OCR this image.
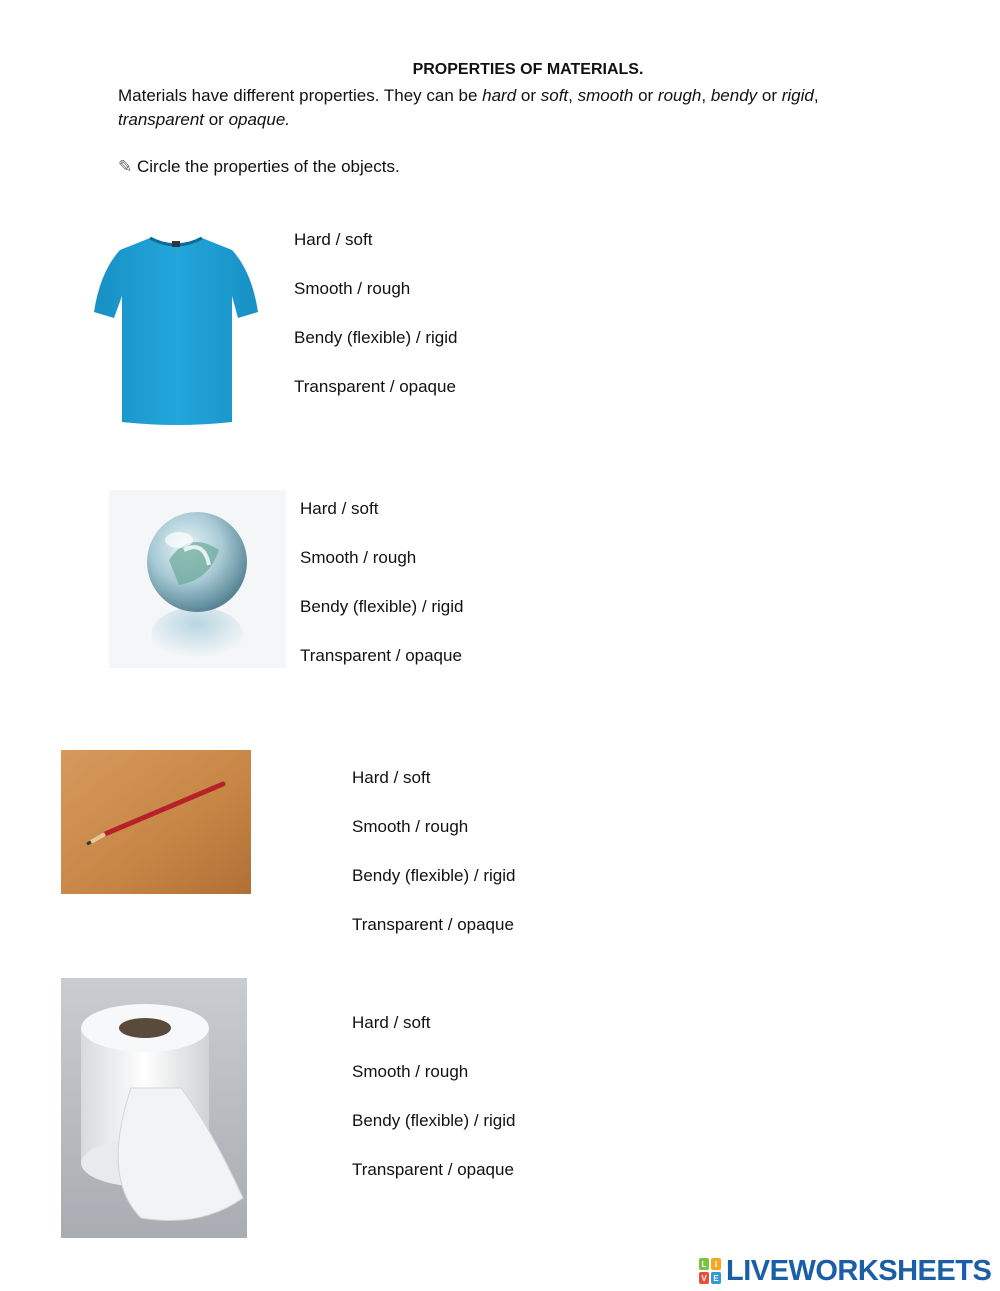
PROPERTIES OF MATERIALS.
Materials have different properties. They can be hard or soft, smooth or rough, bendy or rigid,
transparent or opaque.
✎ Circle the properties of the objects.
Hard / soft
Smooth / rough
Bendy (flexible) / rigid
Transparent / opaque
Hard / soft
Smooth / rough
Bendy (flexible) / rigid
Transparent / opaque
Hard / soft
Smooth / rough
Bendy (flexible) / rigid
Transparent / opaque
Hard / soft
Smooth / rough
Bendy (flexible) / rigid
Transparent / opaque
L I
V E LIVEWORKSHEETS
